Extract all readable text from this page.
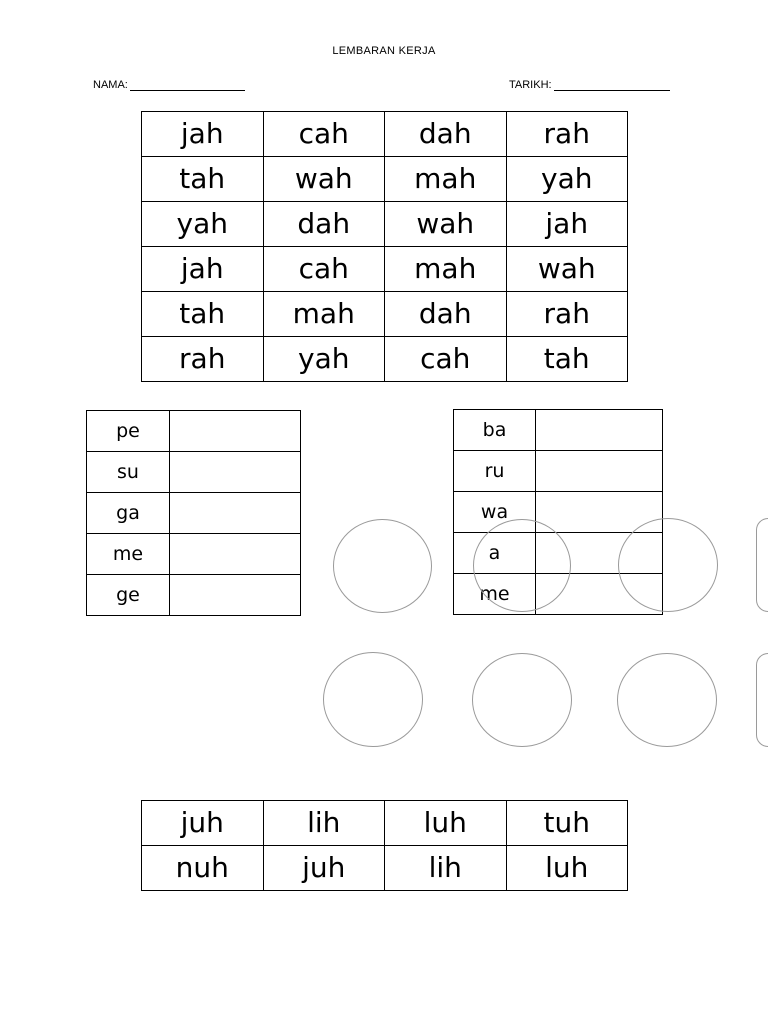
LEMBARAN KERJA
NAMA:	TARIKH:
jah	cah	dah	rah
tah	wah	mah	yah
yah	dah	wah	jah
jah	cah	mah	wah
tah	mah	dah	rah
rah	yah	cah	tah
pe	
su	
ga	
me	
ge	
ba	
ru	
wa	
a	
me	
juh	lih	luh	tuh
nuh	juh	lih	luh
